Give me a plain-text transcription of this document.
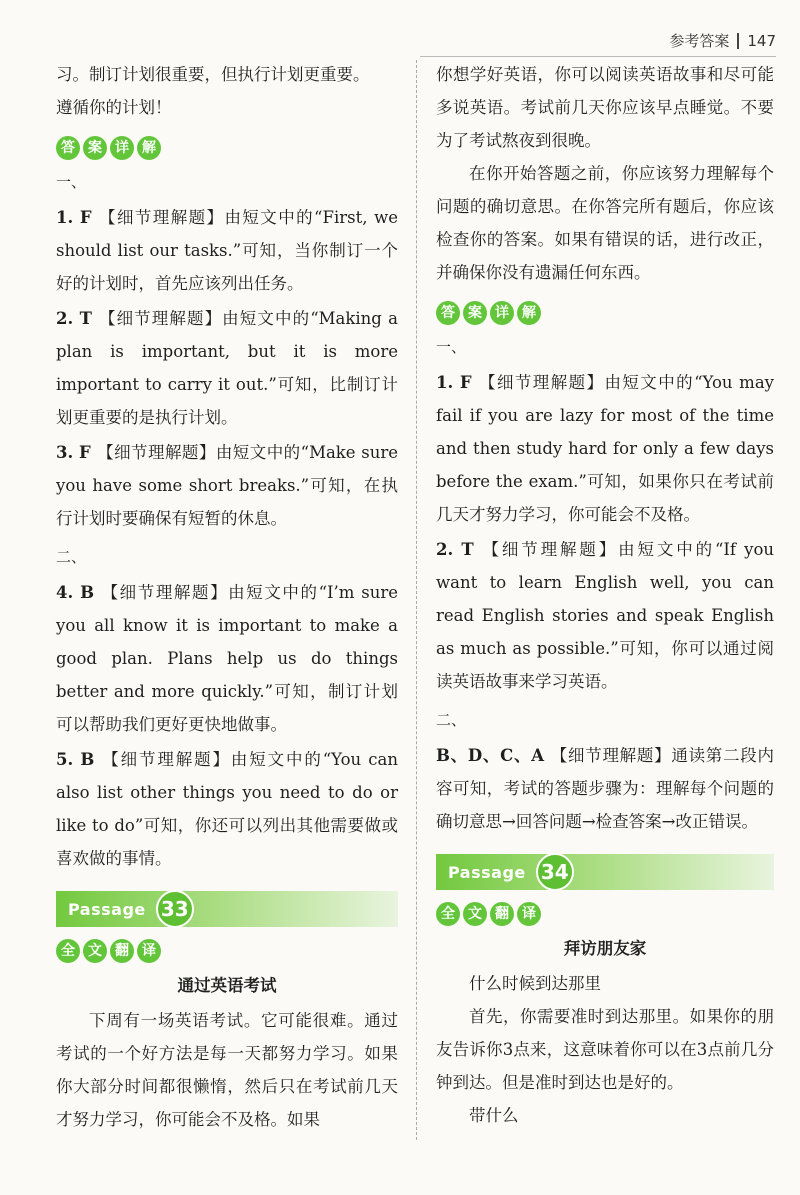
参考答案 147

习。制订计划很重要，但执行计划更重要。

遵循你的计划！

答 案 详 解

一、

1. F 【细节理解题】由短文中的“First, we should list our tasks.”可知，当你制订一个好的计划时，首先应该列出任务。

2. T 【细节理解题】由短文中的“Making a plan is important, but it is more important to carry it out.”可知，比制订计划更重要的是执行计划。

3. F 【细节理解题】由短文中的“Make sure you have some short breaks.”可知，在执行计划时要确保有短暂的休息。

二、

4. B 【细节理解题】由短文中的“I’m sure you all know it is important to make a good plan. Plans help us do things better and more quickly.”可知，制订计划可以帮助我们更好更快地做事。

5. B 【细节理解题】由短文中的“You can also list other things you need to do or like to do”可知，你还可以列出其他需要做或喜欢做的事情。

Passage 33
全 文 翻 译

通过英语考试

下周有一场英语考试。它可能很难。通过考试的一个好方法是每一天都努力学习。如果你大部分时间都很懒惰，然后只在考试前几天才努力学习，你可能会不及格。如果

你想学好英语，你可以阅读英语故事和尽可能多说英语。考试前几天你应该早点睡觉。不要为了考试熬夜到很晚。

在你开始答题之前，你应该努力理解每个问题的确切意思。在你答完所有题后，你应该检查你的答案。如果有错误的话，进行改正，并确保你没有遗漏任何东西。

答 案 详 解

一、

1. F 【细节理解题】由短文中的“You may fail if you are lazy for most of the time and then study hard for only a few days before the exam.”可知，如果你只在考试前几天才努力学习，你可能会不及格。

2. T 【细节理解题】由短文中的“If you want to learn English well, you can read English stories and speak English as much as possible.”可知，你可以通过阅读英语故事来学习英语。

二、

B、D、C、A 【细节理解题】通读第二段内容可知，考试的答题步骤为：理解每个问题的确切意思→回答问题→检查答案→改正错误。

Passage 34
全 文 翻 译

拜访朋友家

什么时候到达那里

首先，你需要准时到达那里。如果你的朋友告诉你3点来，这意味着你可以在3点前几分钟到达。但是准时到达也是好的。

带什么
